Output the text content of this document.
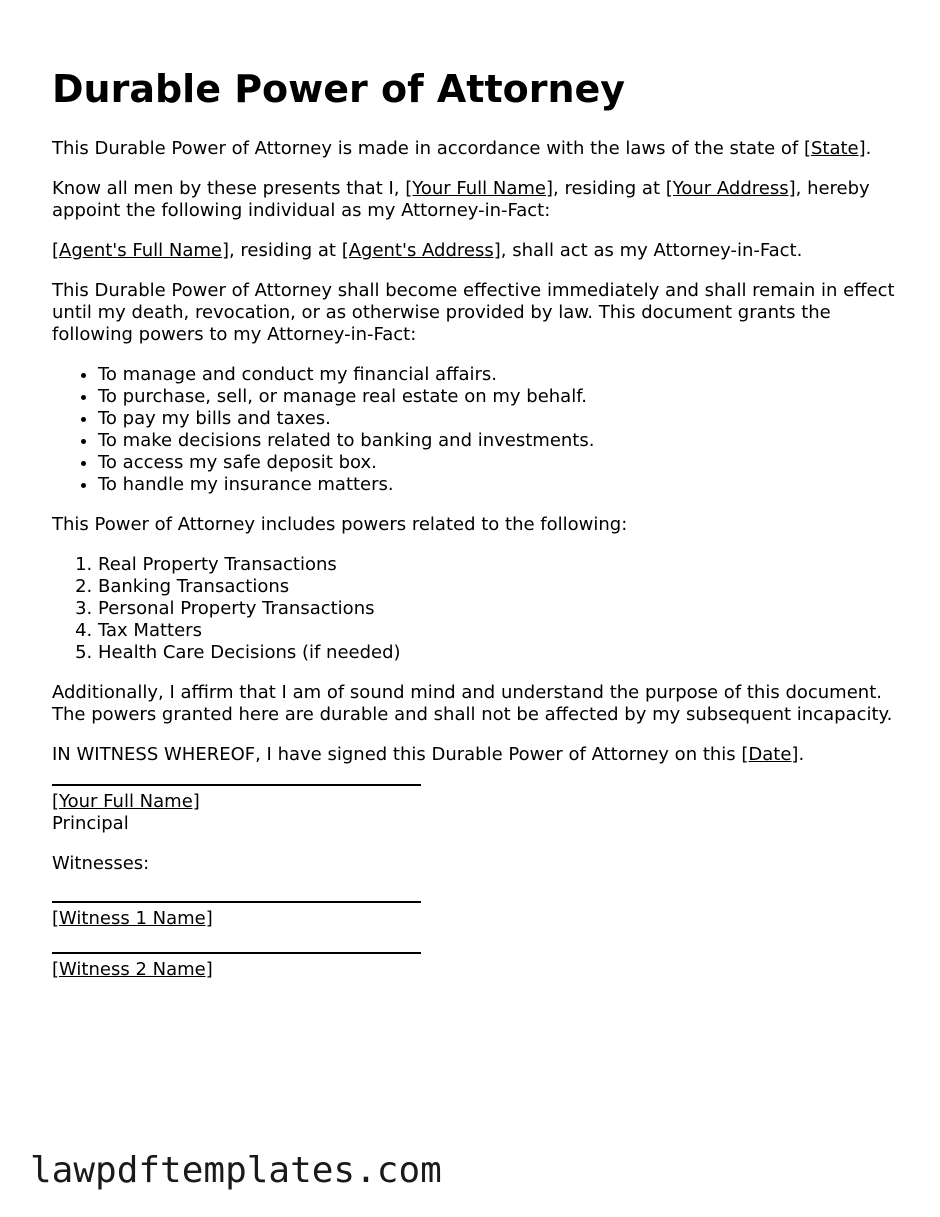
Durable Power of Attorney

This Durable Power of Attorney is made in accordance with the laws of the state of [State].

Know all men by these presents that I, [Your Full Name], residing at [Your Address], hereby appoint the following individual as my Attorney-in-Fact:

[Agent's Full Name], residing at [Agent's Address], shall act as my Attorney-in-Fact.

This Durable Power of Attorney shall become effective immediately and shall remain in effect until my death, revocation, or as otherwise provided by law. This document grants the following powers to my Attorney-in-Fact:

• To manage and conduct my financial affairs.
• To purchase, sell, or manage real estate on my behalf.
• To pay my bills and taxes.
• To make decisions related to banking and investments.
• To access my safe deposit box.
• To handle my insurance matters.

This Power of Attorney includes powers related to the following:

1. Real Property Transactions
2. Banking Transactions
3. Personal Property Transactions
4. Tax Matters
5. Health Care Decisions (if needed)

Additionally, I affirm that I am of sound mind and understand the purpose of this document. The powers granted here are durable and shall not be affected by my subsequent incapacity.

IN WITNESS WHEREOF, I have signed this Durable Power of Attorney on this [Date].

[Your Full Name]
Principal

Witnesses:

[Witness 1 Name]
[Witness 2 Name]
lawpdftemplates.com
